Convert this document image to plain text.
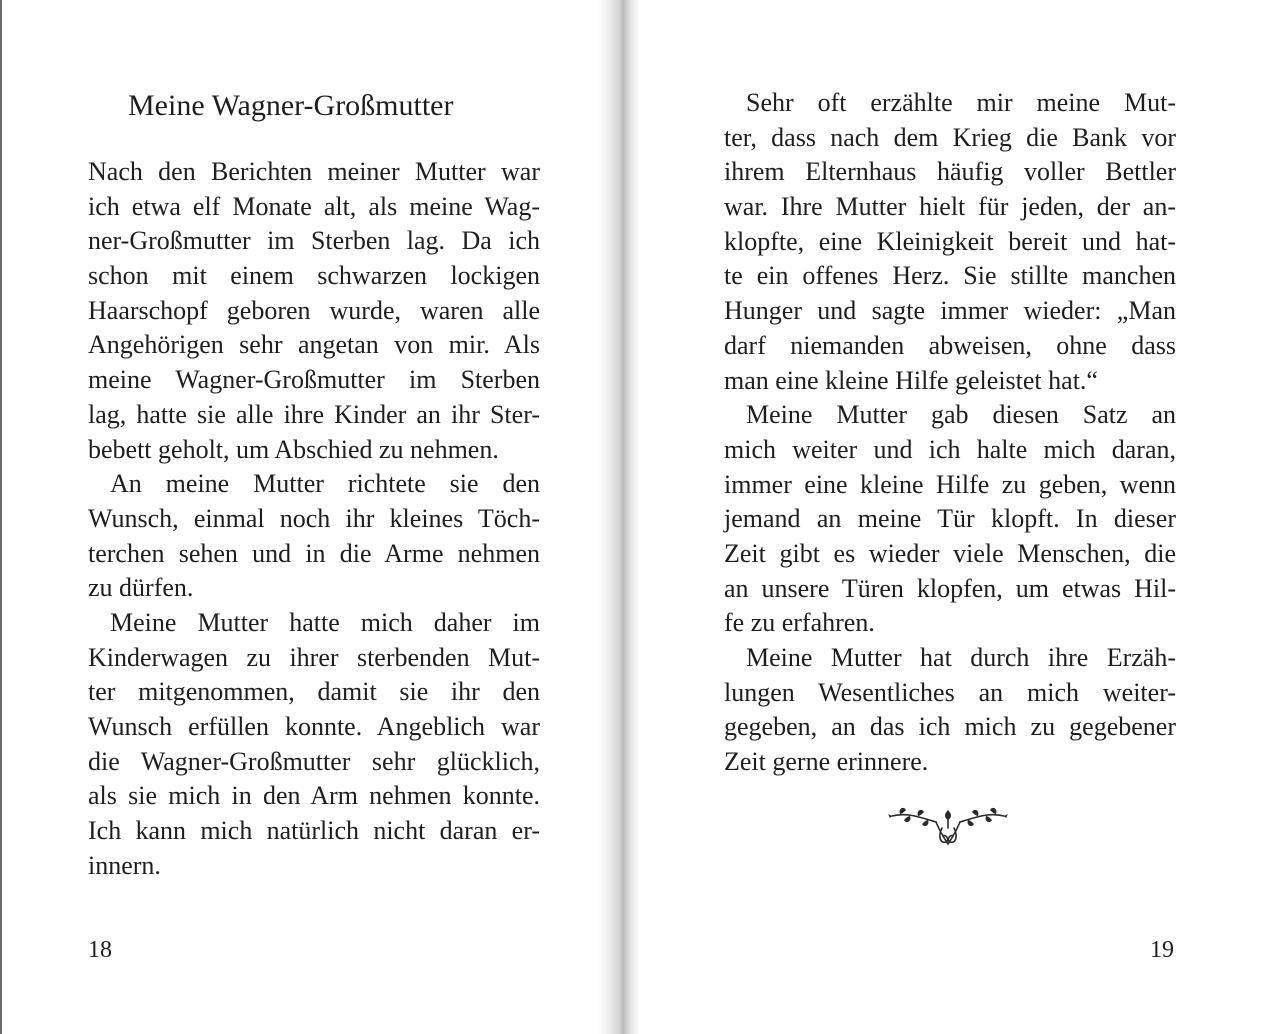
Meine Wagner-Großmutter
Nach den Berichten meiner Mutter war
ich etwa elf Monate alt, als meine Wag-
ner-Großmutter im Sterben lag. Da ich
schon mit einem schwarzen lockigen
Haarschopf geboren wurde, waren alle
Angehörigen sehr angetan von mir. Als
meine Wagner-Großmutter im Sterben
lag, hatte sie alle ihre Kinder an ihr Ster-
bebett geholt, um Abschied zu nehmen.
An meine Mutter richtete sie den
Wunsch, einmal noch ihr kleines Töch-
terchen sehen und in die Arme nehmen
zu dürfen.
Meine Mutter hatte mich daher im
Kinderwagen zu ihrer sterbenden Mut-
ter mitgenommen, damit sie ihr den
Wunsch erfüllen konnte. Angeblich war
die Wagner-Großmutter sehr glücklich,
als sie mich in den Arm nehmen konnte.
Ich kann mich natürlich nicht daran er-
innern.
18
Sehr oft erzählte mir meine Mut-
ter, dass nach dem Krieg die Bank vor
ihrem Elternhaus häufig voller Bettler
war. Ihre Mutter hielt für jeden, der an-
klopfte, eine Kleinigkeit bereit und hat-
te ein offenes Herz. Sie stillte manchen
Hunger und sagte immer wieder: „Man
darf niemanden abweisen, ohne dass
man eine kleine Hilfe geleistet hat.“
Meine Mutter gab diesen Satz an
mich weiter und ich halte mich daran,
immer eine kleine Hilfe zu geben, wenn
jemand an meine Tür klopft. In dieser
Zeit gibt es wieder viele Menschen, die
an unsere Türen klopfen, um etwas Hil-
fe zu erfahren.
Meine Mutter hat durch ihre Erzäh-
lungen Wesentliches an mich weiter-
gegeben, an das ich mich zu gegebener
Zeit gerne erinnere.
19
